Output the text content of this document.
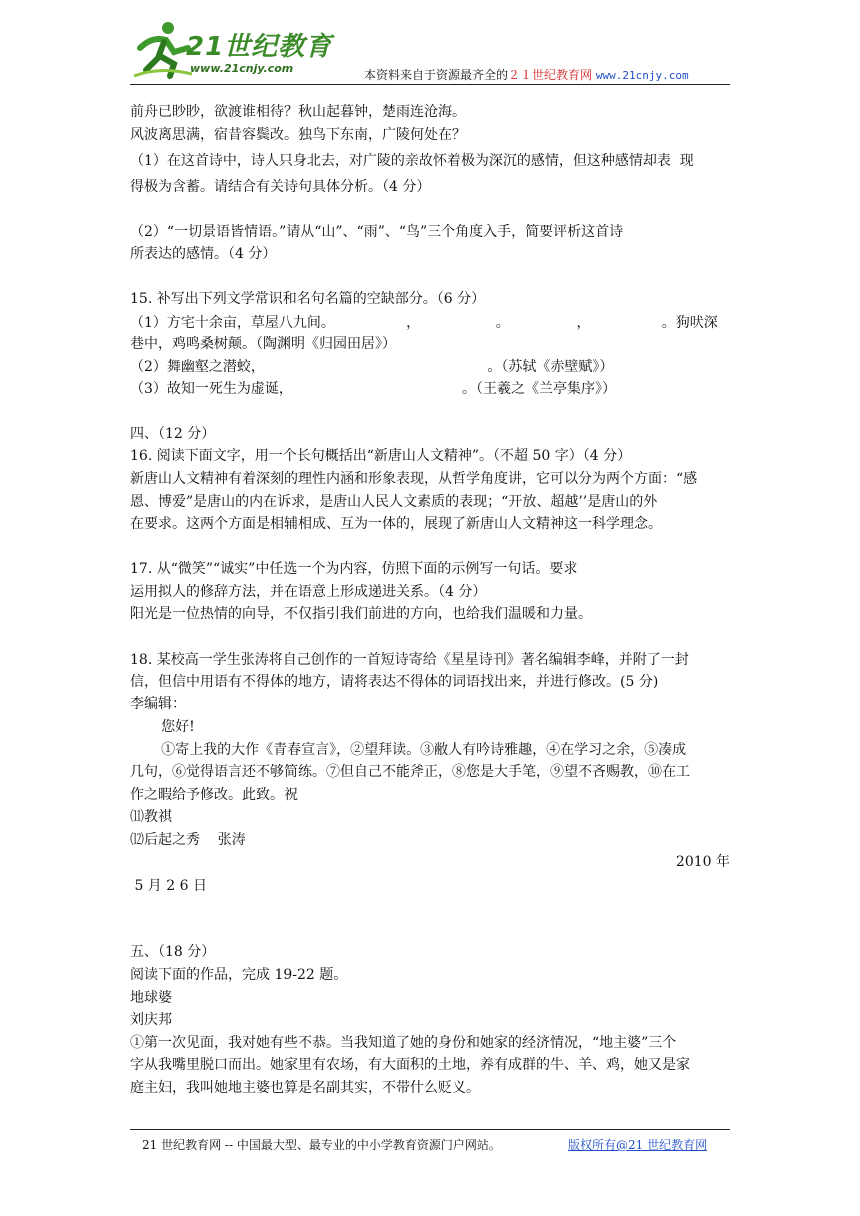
21世纪教育
www.21cnjy.com	本资料来自于资源最齐全的２１世纪教育网 www.21cnjy.com
前舟已眇眇，欲渡谁相待？秋山起暮钟，楚雨连沧海。
风波离思满，宿昔容鬓改。独鸟下东南，广陵何处在？
（1）在这首诗中，诗人只身北去，对广陵的亲故怀着极为深沉的感情，但这种感情却表  现
得极为含蓄。请结合有关诗句具体分析。（4 分）
（2）“一切景语皆情语。”请从“山”、“雨”、“鸟”三个角度入手，简要评析这首诗
所表达的感情。（4 分）
15. 补写出下列文学常识和名句名篇的空缺部分。（6 分）
（1）方宅十余亩，草屋八九间。                ，                 。               ，                。狗吠深
巷中，鸡鸣桑树颠。（陶渊明《归园田居》）
（2）舞幽壑之潜蛟，                                                  。（苏轼《赤壁赋》）
（3）故知一死生为虚诞，                                      。（王羲之《兰亭集序》）
四、（12 分）
16. 阅读下面文字，用一个长句概括出“新唐山人文精神”。（不超 50 字）（4 分）
新唐山人文精神有着深刻的理性内涵和形象表现，从哲学角度讲，它可以分为两个方面：“感
恩、博爱”是唐山的内在诉求，是唐山人民人文素质的表现；“开放、超越’’是唐山的外
在要求。这两个方面是相辅相成、互为一体的，展现了新唐山人文精神这一科学理念。
17. 从“微笑”“诚实”中任选一个为内容，仿照下面的示例写一句话。要求
运用拟人的修辞方法，并在语意上形成递进关系。（4 分）
阳光是一位热情的向导，不仅指引我们前进的方向，也给我们温暖和力量。
18. 某校高一学生张涛将自己创作的一首短诗寄给《星星诗刊》著名编辑李峰，并附了一封
信，但信中用语有不得体的地方，请将表达不得体的词语找出来，并进行修改。(5 分)
李编辑：
您好!
①寄上我的大作《青春宣言》，②望拜读。③敝人有吟诗雅趣，④在学习之余，⑤凑成
几句，⑥觉得语言还不够简练。⑦但自己不能斧正，⑧您是大手笔，⑨望不吝赐教，⑩在工
作之暇给予修改。此致。祝
⑾教祺
⑿后起之秀    张涛
2010 年
5 月 2 6 日
五、（18 分）
阅读下面的作品，完成 19-22 题。
地球婆
刘庆邦
①第一次见面，我对她有些不恭。当我知道了她的身份和她家的经济情况，“地主婆”三个
字从我嘴里脱口而出。她家里有农场，有大面积的土地，养有成群的牛、羊、鸡，她又是家
庭主妇，我叫她地主婆也算是名副其实，不带什么贬义。
21 世纪教育网 -- 中国最大型、最专业的中小学教育资源门户网站。	版权所有@21 世纪教育网
